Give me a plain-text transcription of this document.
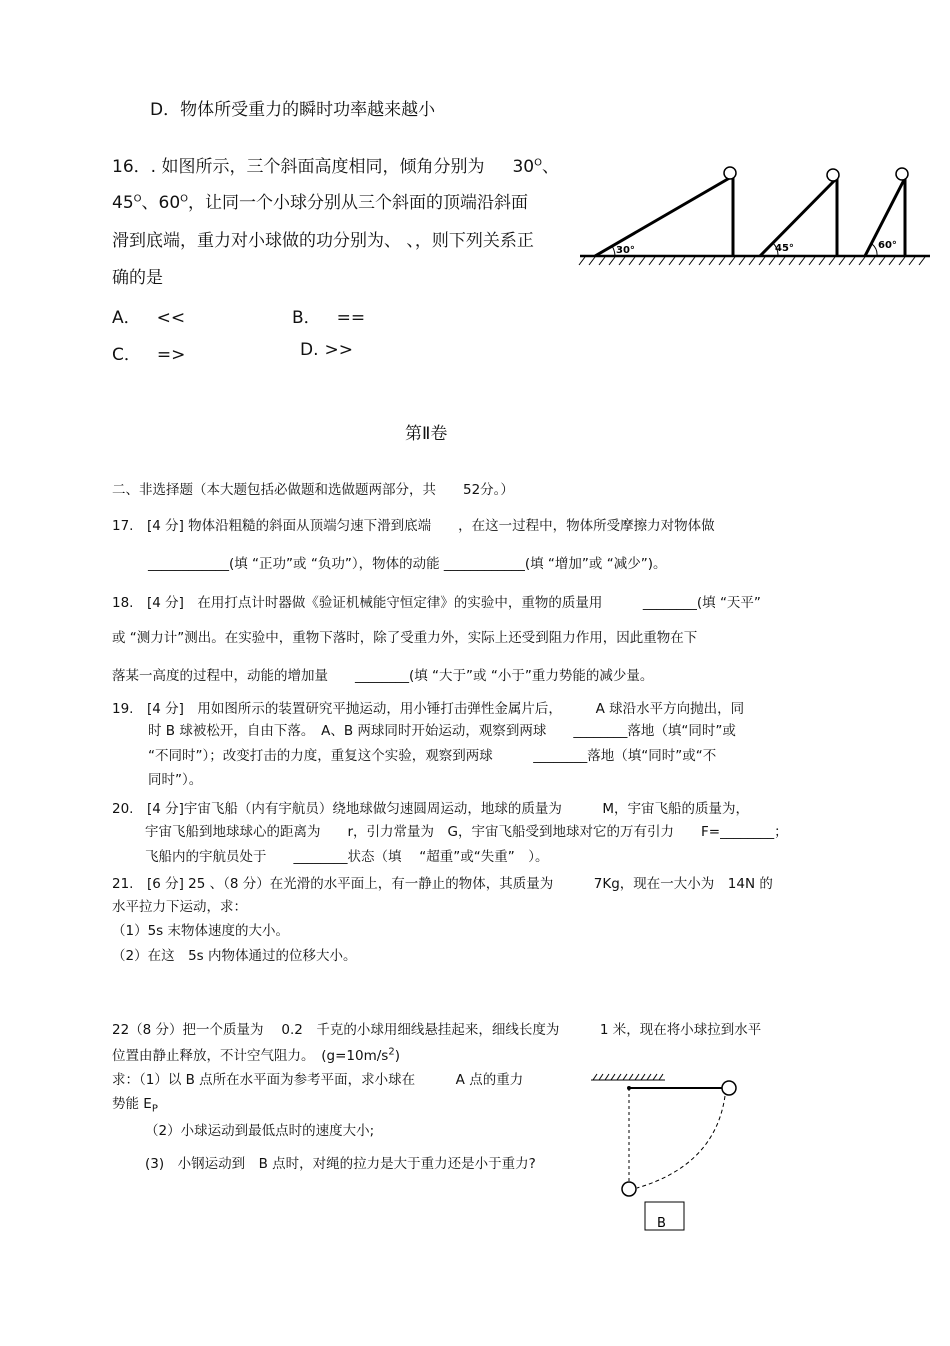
D．物体所受重力的瞬时功率越来越小
16．. 如图所示，三个斜面高度相同，倾角分别为 $30^O$、
$45^O$、$60^O$，让同一个小球分别从三个斜面的顶端沿斜面
滑到底端，重力对小球做的功分别为、 、，则下列关系正
确的是
A． <<	B． ==
C． =>	D. >>
30°	45°	60°
第Ⅱ卷
二、非选择题（本大题包括必做题和选做题两部分，共　　52分。）
17.　[4 分] 物体沿粗糙的斜面从顶端匀速下滑到底端　　，在这一过程中，物体所受摩擦力对物体做
____________(填 “正功”或 “负功”），物体的动能 ____________(填 “增加”或 “减少”)。
18.　[4 分]　在用打点计时器做《验证机械能守恒定律》的实验中，重物的质量用　　　________(填 “天平”
或 “测力计”测出。在实验中，重物下落时，除了受重力外，实际上还受到阻力作用，因此重物在下
落某一高度的过程中，动能的增加量　　________(填 “大于”或 “小于”重力势能的减少量。
19.　[4 分]　用如图所示的装置研究平抛运动，用小锤打击弹性金属片后，　　　A 球沿水平方向抛出，同
时 B 球被松开，自由下落。　A、B 两球同时开始运动，观察到两球　　________落地（填“同时”或
“不同时”）；改变打击的力度，重复这个实验，观察到两球　　　________落地（填“同时”或“不
同时”）。
20.　[4 分]宇宙飞船（内有宇航员）绕地球做匀速圆周运动，地球的质量为　　　M，宇宙飞船的质量为，
宇宙飞船到地球球心的距离为　　r，引力常量为　G，宇宙飞船受到地球对它的万有引力　　F=________；
飞船内的宇航员处于　　________状态（填　 “超重”或“失重”　）。
21.　[6 分] 25 、（8 分）在光滑的水平面上，有一静止的物体，其质量为　　　7Kg，现在一大小为　14N 的
水平拉力下运动，求：
（1）5s 末物体速度的大小。
（2）在这　5s 内物体通过的位移大小。
22（8 分）把一个质量为　 0.2　千克的小球用细线悬挂起来，细线长度为　　　1 米，现在将小球拉到水平
位置由静止释放，不计空气阻力。　$(g=10m/s^2)$
求：（1）以 B 点所在水平面为参考平面，求小球在　　　A 点的重力
势能 $E_P$
（2）小球运动到最低点时的速度大小;
(3)　小钢运动到　B 点时，对绳的拉力是大于重力还是小于重力?
B
